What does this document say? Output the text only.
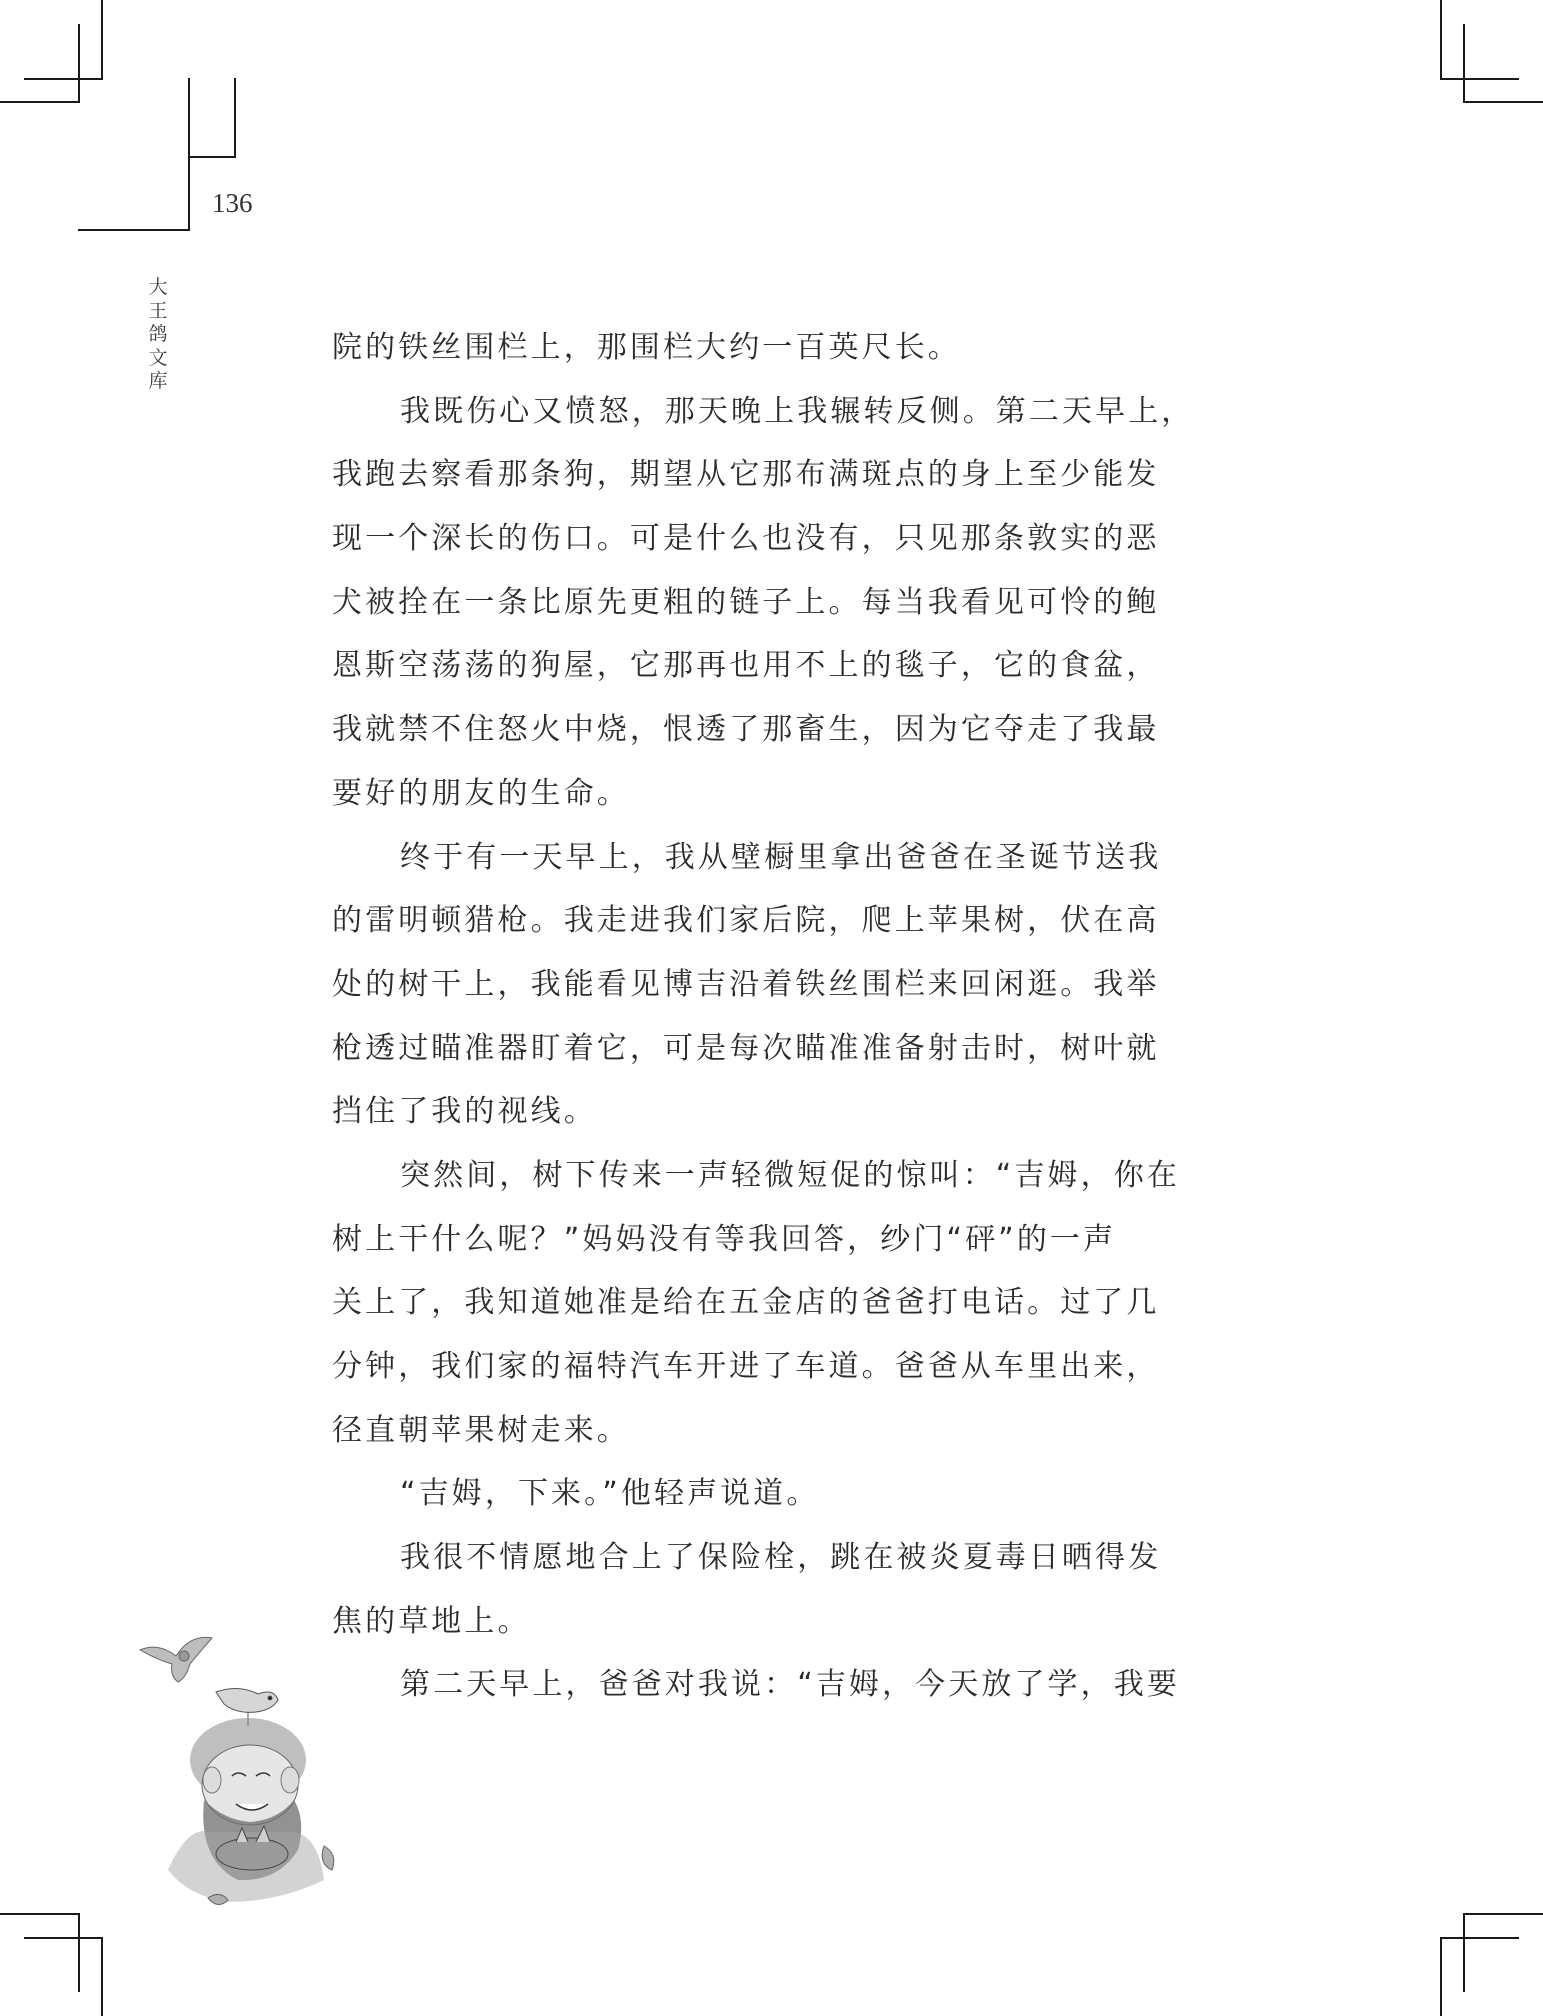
136
大
王
鸽
文
库
院的铁丝围栏上，那围栏大约一百英尺长。
我既伤心又愤怒，那天晚上我辗转反侧。第二天早上，
我跑去察看那条狗，期望从它那布满斑点的身上至少能发
现一个深长的伤口。可是什么也没有，只见那条敦实的恶
犬被拴在一条比原先更粗的链子上。每当我看见可怜的鲍
恩斯空荡荡的狗屋，它那再也用不上的毯子，它的食盆，
我就禁不住怒火中烧，恨透了那畜生，因为它夺走了我最
要好的朋友的生命。
终于有一天早上，我从壁橱里拿出爸爸在圣诞节送我
的雷明顿猎枪。我走进我们家后院，爬上苹果树，伏在高
处的树干上，我能看见博吉沿着铁丝围栏来回闲逛。我举
枪透过瞄准器盯着它，可是每次瞄准准备射击时，树叶就
挡住了我的视线。
突然间，树下传来一声轻微短促的惊叫：“吉姆，你在
树上干什么呢？”妈妈没有等我回答，纱门“砰”的一声
关上了，我知道她准是给在五金店的爸爸打电话。过了几
分钟，我们家的福特汽车开进了车道。爸爸从车里出来，
径直朝苹果树走来。
“吉姆，下来。”他轻声说道。
我很不情愿地合上了保险栓，跳在被炎夏毒日晒得发
焦的草地上。
第二天早上，爸爸对我说：“吉姆，今天放了学，我要
